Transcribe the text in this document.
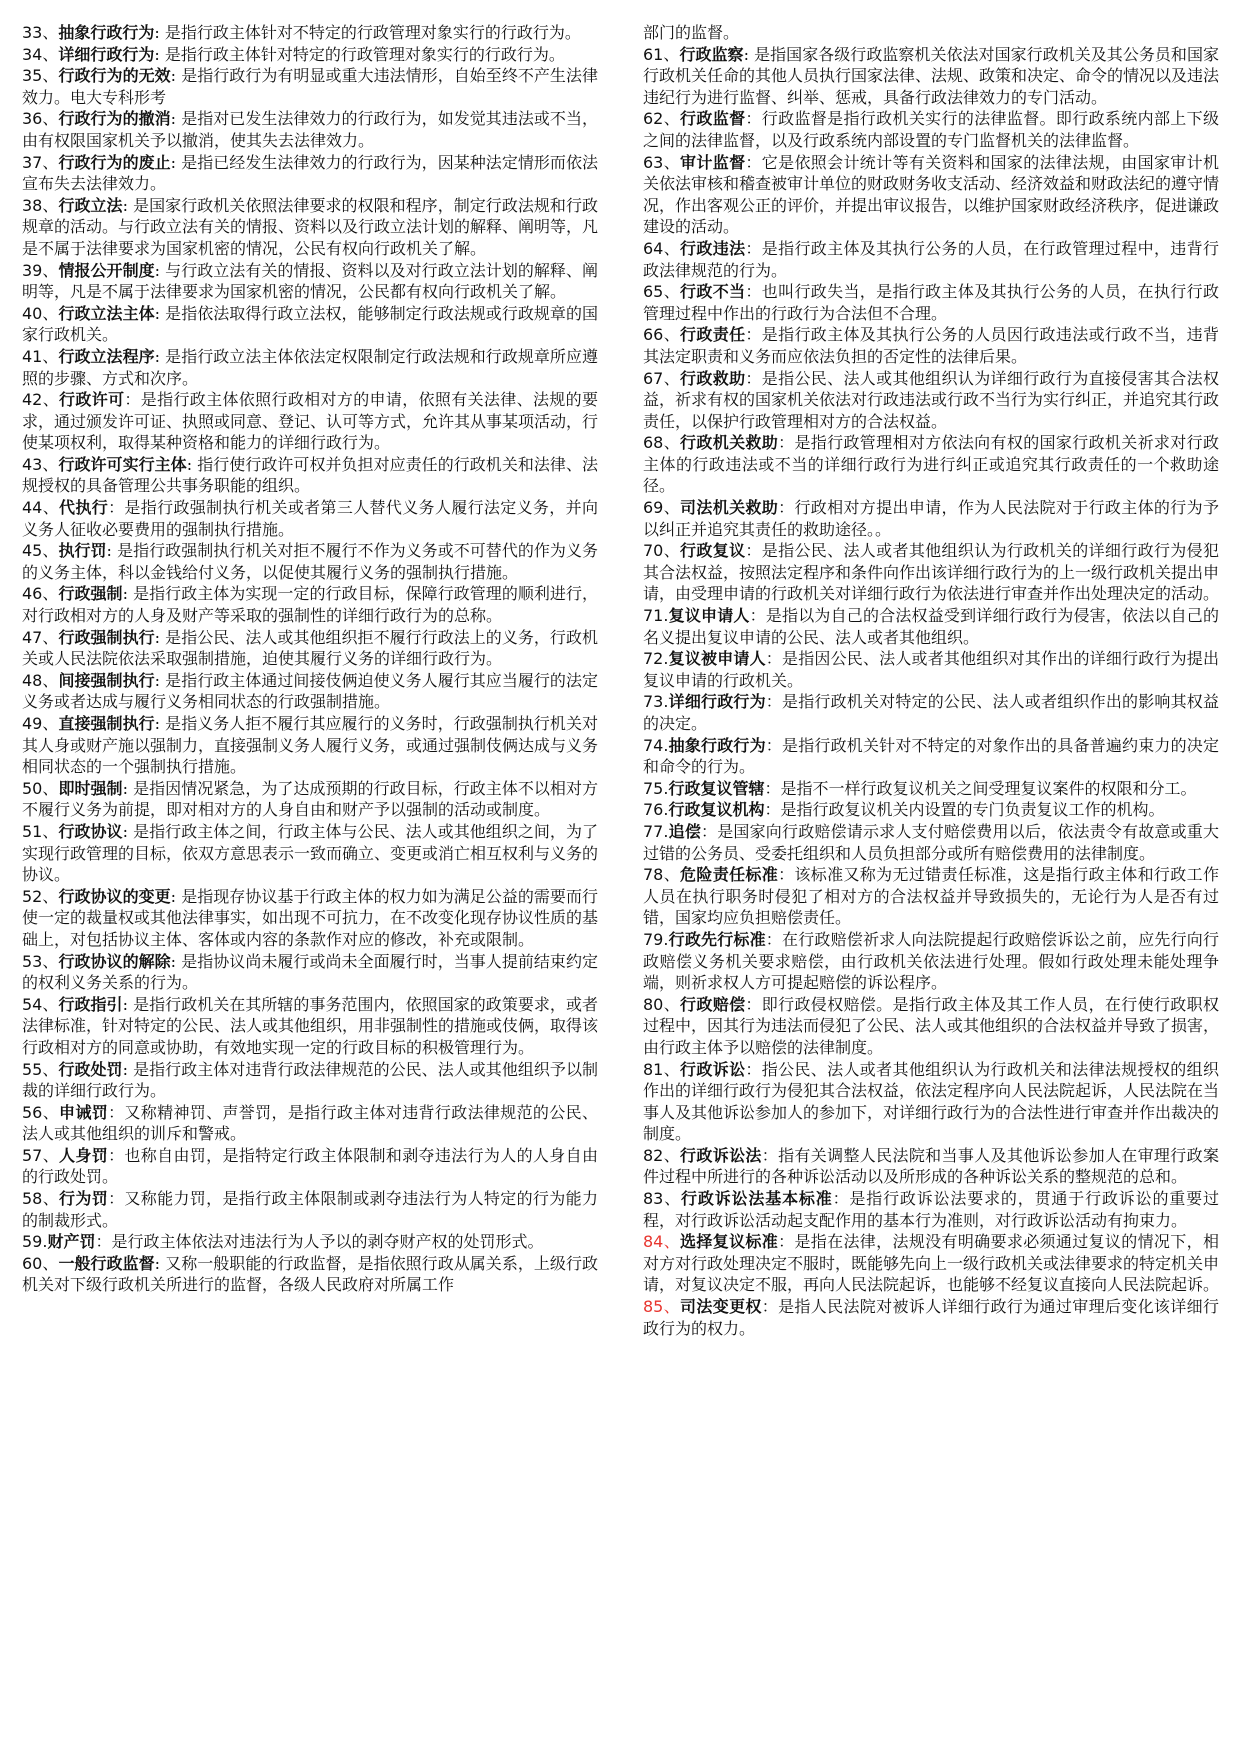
33、抽象行政行为: 是指行政主体针对不特定的行政管理对象实行的行政行为。

34、详细行政行为: 是指行政主体针对特定的行政管理对象实行的行政行为。

35、行政行为的无效: 是指行政行为有明显或重大违法情形，自始至终不产生法律效力。电大专科形考

36、行政行为的撤消: 是指对已发生法律效力的行政行为，如发觉其违法或不当，由有权限国家机关予以撤消，使其失去法律效力。

37、行政行为的废止: 是指已经发生法律效力的行政行为，因某种法定情形而依法宣布失去法律效力。

38、行政立法: 是国家行政机关依照法律要求的权限和程序，制定行政法规和行政规章的活动。与行政立法有关的情报、资料以及行政立法计划的解释、阐明等，凡是不属于法律要求为国家机密的情况，公民有权向行政机关了解。

39、情报公开制度: 与行政立法有关的情报、资料以及对行政立法计划的解释、阐明等，凡是不属于法律要求为国家机密的情况，公民都有权向行政机关了解。

40、行政立法主体: 是指依法取得行政立法权，能够制定行政法规或行政规章的国家行政机关。

41、行政立法程序: 是指行政立法主体依法定权限制定行政法规和行政规章所应遵照的步骤、方式和次序。

42、行政许可：是指行政主体依照行政相对方的申请，依照有关法律、法规的要求，通过颁发许可证、执照或同意、登记、认可等方式，允许其从事某项活动，行使某项权利，取得某种资格和能力的详细行政行为。

43、行政许可实行主体: 指行使行政许可权并负担对应责任的行政机关和法律、法规授权的具备管理公共事务职能的组织。

44、代执行：是指行政强制执行机关或者第三人替代义务人履行法定义务，并向义务人征收必要费用的强制执行措施。

45、执行罚: 是指行政强制执行机关对拒不履行不作为义务或不可替代的作为义务的义务主体，科以金钱给付义务，以促使其履行义务的强制执行措施。

46、行政强制: 是指行政主体为实现一定的行政目标，保障行政管理的顺利进行，对行政相对方的人身及财产等采取的强制性的详细行政行为的总称。

47、行政强制执行: 是指公民、法人或其他组织拒不履行行政法上的义务，行政机关或人民法院依法采取强制措施，迫使其履行义务的详细行政行为。

48、间接强制执行: 是指行政主体通过间接伎俩迫使义务人履行其应当履行的法定义务或者达成与履行义务相同状态的行政强制措施。

49、直接强制执行: 是指义务人拒不履行其应履行的义务时，行政强制执行机关对其人身或财产施以强制力，直接强制义务人履行义务，或通过强制伎俩达成与义务相同状态的一个强制执行措施。

50、即时强制: 是指因情况紧急，为了达成预期的行政目标，行政主体不以相对方不履行义务为前提，即对相对方的人身自由和财产予以强制的活动或制度。

51、行政协议: 是指行政主体之间，行政主体与公民、法人或其他组织之间，为了实现行政管理的目标，依双方意思表示一致而确立、变更或消亡相互权利与义务的协议。

52、行政协议的变更: 是指现存协议基于行政主体的权力如为满足公益的需要而行使一定的裁量权或其他法律事实，如出现不可抗力，在不改变化现存协议性质的基础上，对包括协议主体、客体或内容的条款作对应的修改，补充或限制。

53、行政协议的解除: 是指协议尚未履行或尚未全面履行时，当事人提前结束约定的权利义务关系的行为。

54、行政指引: 是指行政机关在其所辖的事务范围内，依照国家的政策要求，或者法律标准，针对特定的公民、法人或其他组织，用非强制性的措施或伎俩，取得该行政相对方的同意或协助，有效地实现一定的行政目标的积极管理行为。

55、行政处罚: 是指行政主体对违背行政法律规范的公民、法人或其他组织予以制裁的详细行政行为。

56、申诫罚：又称精神罚、声誉罚，是指行政主体对违背行政法律规范的公民、法人或其他组织的训斥和警戒。

57、人身罚：也称自由罚，是指特定行政主体限制和剥夺违法行为人的人身自由的行政处罚。

58、行为罚：又称能力罚，是指行政主体限制或剥夺违法行为人特定的行为能力的制裁形式。

59.财产罚：是行政主体依法对违法行为人予以的剥夺财产权的处罚形式。

60、一般行政监督: 又称一般职能的行政监督，是指依照行政从属关系，上级行政机关对下级行政机关所进行的监督，各级人民政府对所属工作

部门的监督。

61、行政监察: 是指国家各级行政监察机关依法对国家行政机关及其公务员和国家行政机关任命的其他人员执行国家法律、法规、政策和决定、命令的情况以及违法违纪行为进行监督、纠举、惩戒，具备行政法律效力的专门活动。

62、行政监督：行政监督是指行政机关实行的法律监督。即行政系统内部上下级之间的法律监督，以及行政系统内部设置的专门监督机关的法律监督。

63、审计监督：它是依照会计统计等有关资料和国家的法律法规，由国家审计机关依法审核和稽查被审计单位的财政财务收支活动、经济效益和财政法纪的遵守情况，作出客观公正的评价，并提出审议报告，以维护国家财政经济秩序，促进谦政建设的活动。

64、行政违法：是指行政主体及其执行公务的人员，在行政管理过程中，违背行政法律规范的行为。

65、行政不当：也叫行政失当，是指行政主体及其执行公务的人员，在执行行政管理过程中作出的行政行为合法但不合理。

66、行政责任：是指行政主体及其执行公务的人员因行政违法或行政不当，违背其法定职责和义务而应依法负担的否定性的法律后果。

67、行政救助：是指公民、法人或其他组织认为详细行政行为直接侵害其合法权益，祈求有权的国家机关依法对行政违法或行政不当行为实行纠正，并追究其行政责任，以保护行政管理相对方的合法权益。

68、行政机关救助：是指行政管理相对方依法向有权的国家行政机关祈求对行政主体的行政违法或不当的详细行政行为进行纠正或追究其行政责任的一个救助途径。

69、司法机关救助：行政相对方提出申请，作为人民法院对于行政主体的行为予以纠正并追究其责任的救助途径。。

70、行政复议：是指公民、法人或者其他组织认为行政机关的详细行政行为侵犯其合法权益，按照法定程序和条件向作出该详细行政行为的上一级行政机关提出申请，由受理申请的行政机关对详细行政行为依法进行审查并作出处理决定的活动。

71.复议申请人：是指以为自己的合法权益受到详细行政行为侵害，依法以自己的名义提出复议申请的公民、法人或者其他组织。

72.复议被申请人：是指因公民、法人或者其他组织对其作出的详细行政行为提出复议申请的行政机关。

73.详细行政行为：是指行政机关对特定的公民、法人或者组织作出的影响其权益的决定。

74.抽象行政行为：是指行政机关针对不特定的对象作出的具备普遍约束力的决定和命令的行为。

75.行政复议管辖：是指不一样行政复议机关之间受理复议案件的权限和分工。

76.行政复议机构：是指行政复议机关内设置的专门负责复议工作的机构。

77.追偿：是国家向行政赔偿请示求人支付赔偿费用以后，依法责令有故意或重大过错的公务员、受委托组织和人员负担部分或所有赔偿费用的法律制度。

78、危险责任标准：该标准又称为无过错责任标准，这是指行政主体和行政工作人员在执行职务时侵犯了相对方的合法权益并导致损失的，无论行为人是否有过错，国家均应负担赔偿责任。

79.行政先行标准：在行政赔偿祈求人向法院提起行政赔偿诉讼之前，应先行向行政赔偿义务机关要求赔偿，由行政机关依法进行处理。假如行政处理未能处理争端，则祈求权人方可提起赔偿的诉讼程序。

80、行政赔偿：即行政侵权赔偿。是指行政主体及其工作人员，在行使行政职权过程中，因其行为违法而侵犯了公民、法人或其他组织的合法权益并导致了损害，由行政主体予以赔偿的法律制度。

81、行政诉讼：指公民、法人或者其他组织认为行政机关和法律法规授权的组织作出的详细行政行为侵犯其合法权益，依法定程序向人民法院起诉，人民法院在当事人及其他诉讼参加人的参加下，对详细行政行为的合法性进行审查并作出裁决的制度。

82、行政诉讼法：指有关调整人民法院和当事人及其他诉讼参加人在审理行政案件过程中所进行的各种诉讼活动以及所形成的各种诉讼关系的整规范的总和。

83、行政诉讼法基本标准：是指行政诉讼法要求的，贯通于行政诉讼的重要过程，对行政诉讼活动起支配作用的基本行为准则，对行政诉讼活动有拘束力。

84、选择复议标准：是指在法律，法规没有明确要求必须通过复议的情况下，相对方对行政处理决定不服时，既能够先向上一级行政机关或法律要求的特定机关申请，对复议决定不服，再向人民法院起诉，也能够不经复议直接向人民法院起诉。

85、司法变更权：是指人民法院对被诉人详细行政行为通过审理后变化该详细行政行为的权力。
